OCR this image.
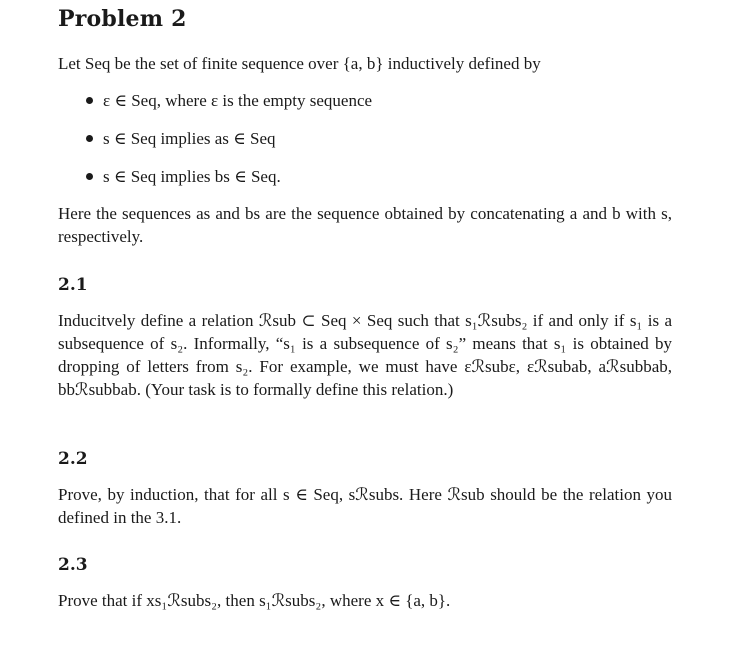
Problem 2

Let Seq be the set of finite sequence over {a, b} inductively defined by

ε ∈ Seq, where ε is the empty sequence
s ∈ Seq implies as ∈ Seq
s ∈ Seq implies bs ∈ Seq.

Here the sequences as and bs are the sequence obtained by concatenating a and b with s, respectively.

2.1

Inducitvely define a relation ℛsub ⊂ Seq × Seq such that s₁ℛsubs₂ if and only if s₁ is a subsequence of s₂. Informally, “s₁ is a subsequence of s₂” means that s₁ is obtained by dropping of letters from s₂. For example, we must have εℛsubε, εℛsubab, aℛsubbab, bbℛsubbab. (Your task is to formally define this relation.)

2.2

Prove, by induction, that for all s ∈ Seq, sℛsubs. Here ℛsub should be the relation you defined in the 3.1.

2.3

Prove that if xs₁ℛsubs₂, then s₁ℛsubs₂, where x ∈ {a, b}.
